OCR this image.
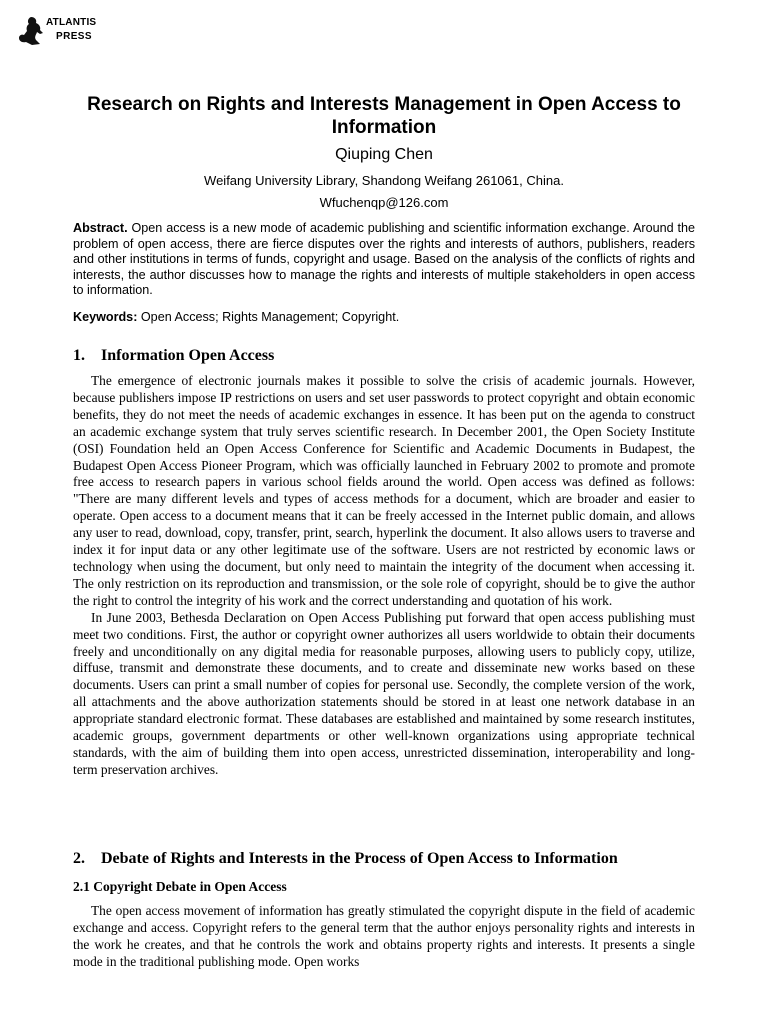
ATLANTIS
PRESS
Research on Rights and Interests Management in Open Access to Information
Qiuping Chen
Weifang University Library, Shandong Weifang 261061, China.
Wfuchenqp@126.com

Abstract. Open access is a new mode of academic publishing and scientific information exchange. Around the problem of open access, there are fierce disputes over the rights and interests of authors, publishers, readers and other institutions in terms of funds, copyright and usage. Based on the analysis of the conflicts of rights and interests, the author discusses how to manage the rights and interests of multiple stakeholders in open access to information.

Keywords: Open Access; Rights Management; Copyright.

1. Information Open Access

The emergence of electronic journals makes it possible to solve the crisis of academic journals. However, because publishers impose IP restrictions on users and set user passwords to protect copyright and obtain economic benefits, they do not meet the needs of academic exchanges in essence. It has been put on the agenda to construct an academic exchange system that truly serves scientific research. In December 2001, the Open Society Institute (OSI) Foundation held an Open Access Conference for Scientific and Academic Documents in Budapest, the Budapest Open Access Pioneer Program, which was officially launched in February 2002 to promote and promote free access to research papers in various school fields around the world. Open access was defined as follows: "There are many different levels and types of access methods for a document, which are broader and easier to operate. Open access to a document means that it can be freely accessed in the Internet public domain, and allows any user to read, download, copy, transfer, print, search, hyperlink the document. It also allows users to traverse and index it for input data or any other legitimate use of the software. Users are not restricted by economic laws or technology when using the document, but only need to maintain the integrity of the document when accessing it. The only restriction on its reproduction and transmission, or the sole role of copyright, should be to give the author the right to control the integrity of his work and the correct understanding and quotation of his work.

In June 2003, Bethesda Declaration on Open Access Publishing put forward that open access publishing must meet two conditions. First, the author or copyright owner authorizes all users worldwide to obtain their documents freely and unconditionally on any digital media for reasonable purposes, allowing users to publicly copy, utilize, diffuse, transmit and demonstrate these documents, and to create and disseminate new works based on these documents. Users can print a small number of copies for personal use. Secondly, the complete version of the work, all attachments and the above authorization statements should be stored in at least one network database in an appropriate standard electronic format. These databases are established and maintained by some research institutes, academic groups, government departments or other well-known organizations using appropriate technical standards, with the aim of building them into open access, unrestricted dissemination, interoperability and long-term preservation archives.

2. Debate of Rights and Interests in the Process of Open Access to Information
2.1 Copyright Debate in Open Access

The open access movement of information has greatly stimulated the copyright dispute in the field of academic exchange and access. Copyright refers to the general term that the author enjoys personality rights and interests in the work he creates, and that he controls the work and obtains property rights and interests. It presents a single mode in the traditional publishing mode. Open works
